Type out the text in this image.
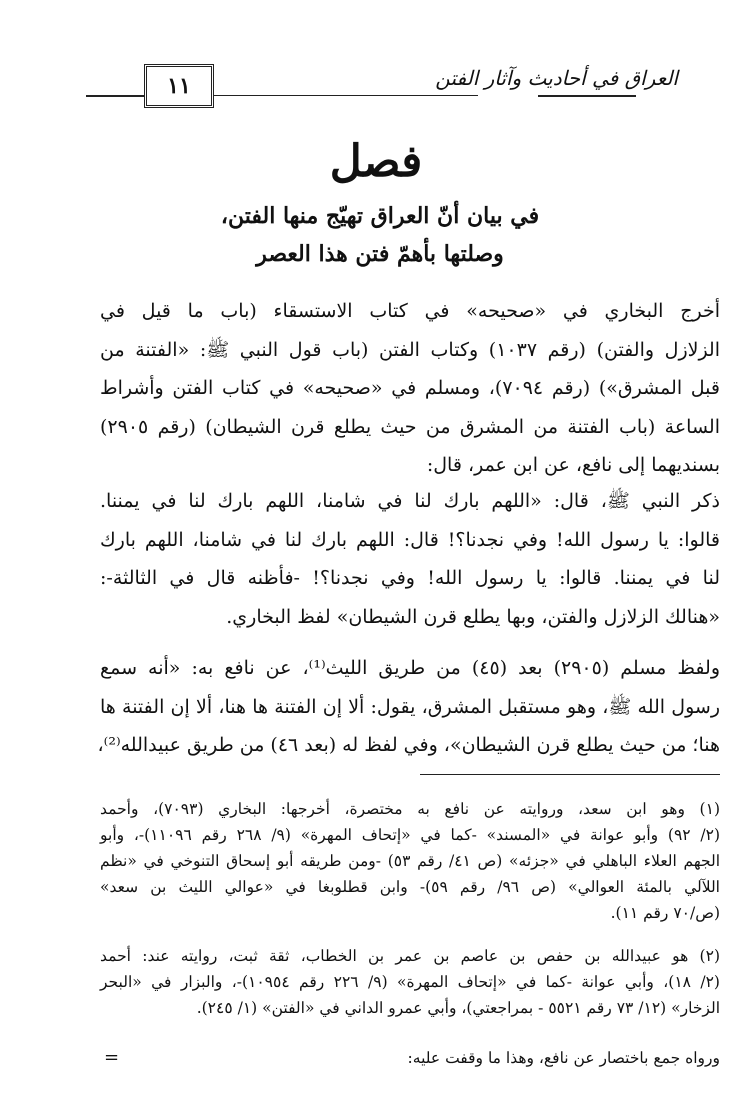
١١	العراق في أحاديث وآثار الفتن
فصل
في بيان أنّ العراق تهيّج منها الفتن،
وصلتها بأهمّ فتن هذا العصر
أخرج البخاري في «صحيحه» في كتاب الاستسقاء (باب ما قيل في
الزلازل والفتن) (رقم ١٠٣٧) وكتاب الفتن (باب قول النبي ﷺ: «الفتنة من
قبل المشرق») (رقم ٧٠٩٤)، ومسلم في «صحيحه» في كتاب الفتن وأشراط
الساعة (باب الفتنة من المشرق من حيث يطلع قرن الشيطان) (رقم ٢٩٠٥)
بسنديهما إلى نافع، عن ابن عمر، قال:
ذكر النبي ﷺ، قال: «اللهم بارك لنا في شامنا، اللهم بارك لنا في يمننا.
قالوا: يا رسول الله! وفي نجدنا؟! قال: اللهم بارك لنا في شامنا، اللهم بارك
لنا في يمننا. قالوا: يا رسول الله! وفي نجدنا؟! -فأظنه قال في الثالثة-:
«هنالك الزلازل والفتن، وبها يطلع قرن الشيطان» لفظ البخاري.
ولفظ مسلم (٢٩٠٥) بعد (٤٥) من طريق الليث⁽¹⁾، عن نافع به: «أنه سمع
رسول الله ﷺ، وهو مستقبل المشرق، يقول: ألا إن الفتنة ها هنا، ألا إن الفتنة ها
هنا؛ من حيث يطلع قرن الشيطان»، وفي لفظ له (بعد ٤٦) من طريق عبيدالله⁽²⁾،
(١) وهو ابن سعد، وروايته عن نافع به مختصرة، أخرجها: البخاري (٧٠٩٣)، وأحمد
(٢/ ٩٢) وأبو عوانة في «المسند» -كما في «إتحاف المهرة» (٩/ ٢٦٨ رقم ١١٠٩٦)-، وأبو
الجهم العلاء الباهلي في «جزئه» (ص ٤١/ رقم ٥٣) -ومن طريقه أبو إسحاق التنوخي في «نظم
اللآلي بالمئة العوالي» (ص ٩٦/ رقم ٥٩)- وابن قطلوبغا في «عوالي الليث بن سعد»
(ص/٧٠ رقم ١١).
(٢) هو عبيدالله بن حفص بن عاصم بن عمر بن الخطاب، ثقة ثبت، روايته عند: أحمد
(٢/ ١٨)، وأبي عوانة -كما في «إتحاف المهرة» (٩/ ٢٢٦ رقم ١٠٩٥٤)-، والبزار في «البحر
الزخار» (١٢/ ٧٣ رقم ٥٥٢١ - بمراجعتي)، وأبي عمرو الداني في «الفتن» (١/ ٢٤٥).
ورواه جمع باختصار عن نافع، وهذا ما وقفت عليه:
=
